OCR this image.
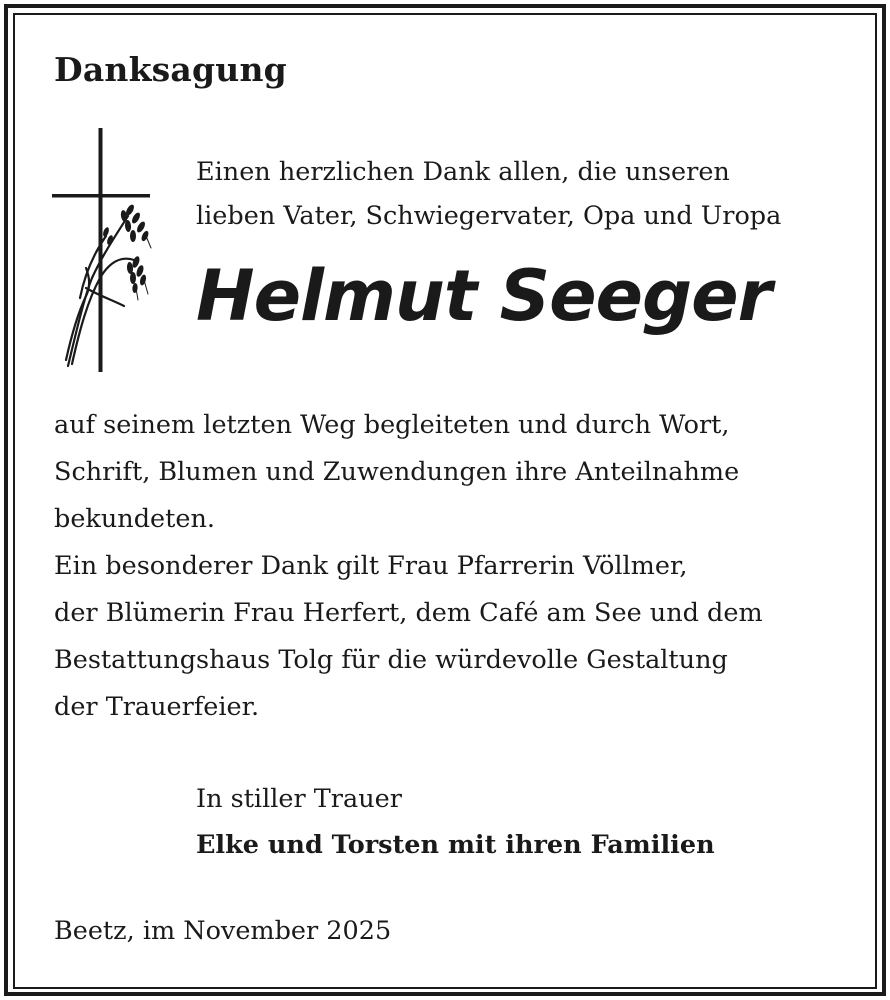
Danksagung
Einen herzlichen Dank allen, die unseren
lieben Vater, Schwiegervater, Opa und Uropa
Helmut Seeger
auf seinem letzten Weg begleiteten und durch Wort,
Schrift, Blumen und Zuwendungen ihre Anteilnahme
bekundeten.
Ein besonderer Dank gilt Frau Pfarrerin Völlmer,
der Blümerin Frau Herfert, dem Café am See und dem
Bestattungshaus Tolg für die würdevolle Gestaltung
der Trauerfeier.
In stiller Trauer
Elke und Torsten mit ihren Familien
Beetz, im November 2025
